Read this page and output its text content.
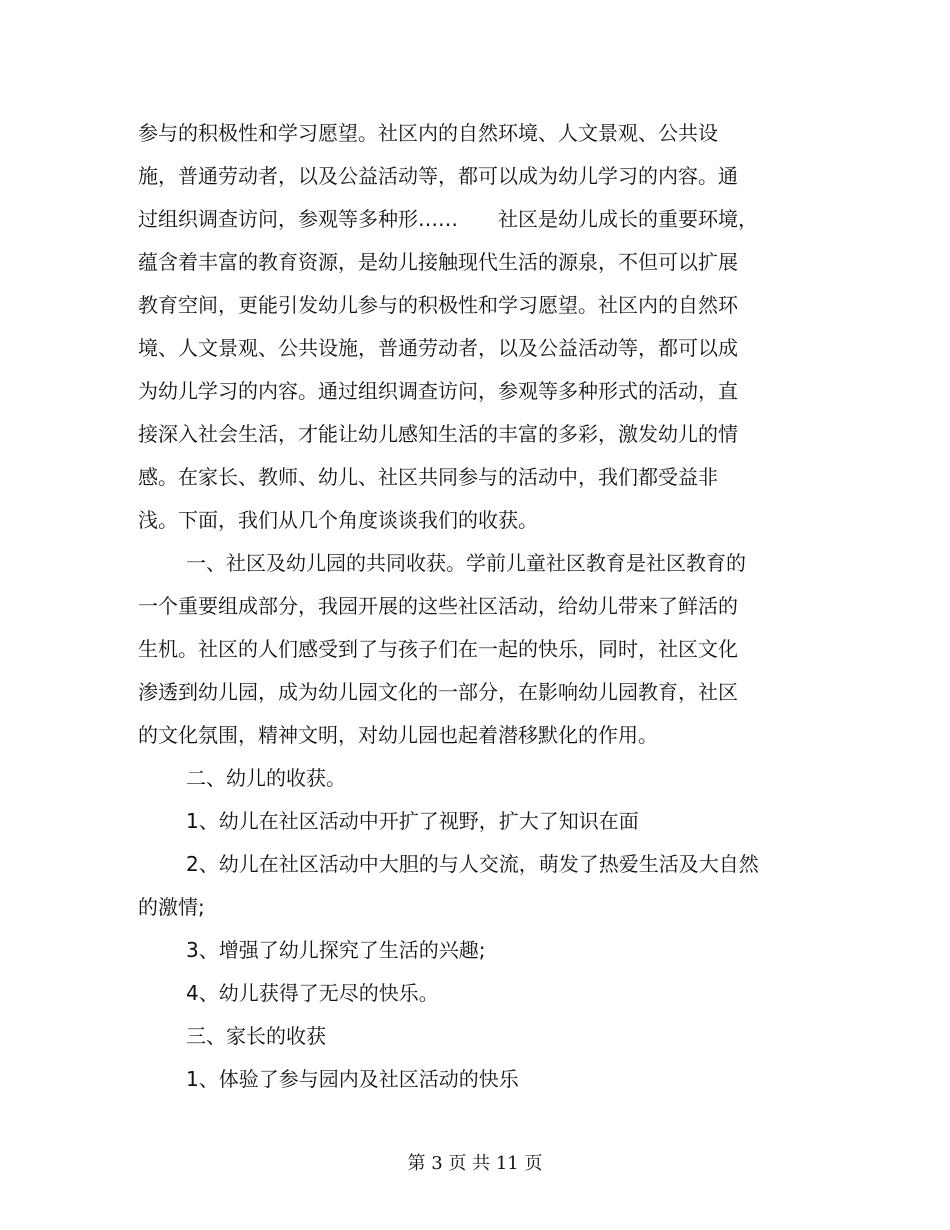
参与的积极性和学习愿望。社区内的自然环境、人文景观、公共设
施，普通劳动者，以及公益活动等，都可以成为幼儿学习的内容。通
过组织调查访问，参观等多种形……　　社区是幼儿成长的重要环境，
蕴含着丰富的教育资源，是幼儿接触现代生活的源泉，不但可以扩展
教育空间，更能引发幼儿参与的积极性和学习愿望。社区内的自然环
境、人文景观、公共设施，普通劳动者，以及公益活动等，都可以成
为幼儿学习的内容。通过组织调查访问，参观等多种形式的活动，直
接深入社会生活，才能让幼儿感知生活的丰富的多彩，激发幼儿的情
感。在家长、教师、幼儿、社区共同参与的活动中，我们都受益非
浅。下面，我们从几个角度谈谈我们的收获。
一、社区及幼儿园的共同收获。学前儿童社区教育是社区教育的
一个重要组成部分，我园开展的这些社区活动，给幼儿带来了鲜活的
生机。社区的人们感受到了与孩子们在一起的快乐，同时，社区文化
渗透到幼儿园，成为幼儿园文化的一部分，在影响幼儿园教育，社区
的文化氛围，精神文明，对幼儿园也起着潜移默化的作用。
二、幼儿的收获。
1、幼儿在社区活动中开扩了视野，扩大了知识在面
2、幼儿在社区活动中大胆的与人交流，萌发了热爱生活及大自然
的激情;
3、增强了幼儿探究了生活的兴趣;
4、幼儿获得了无尽的快乐。
三、家长的收获
1、体验了参与园内及社区活动的快乐
第 3 页 共 11 页
